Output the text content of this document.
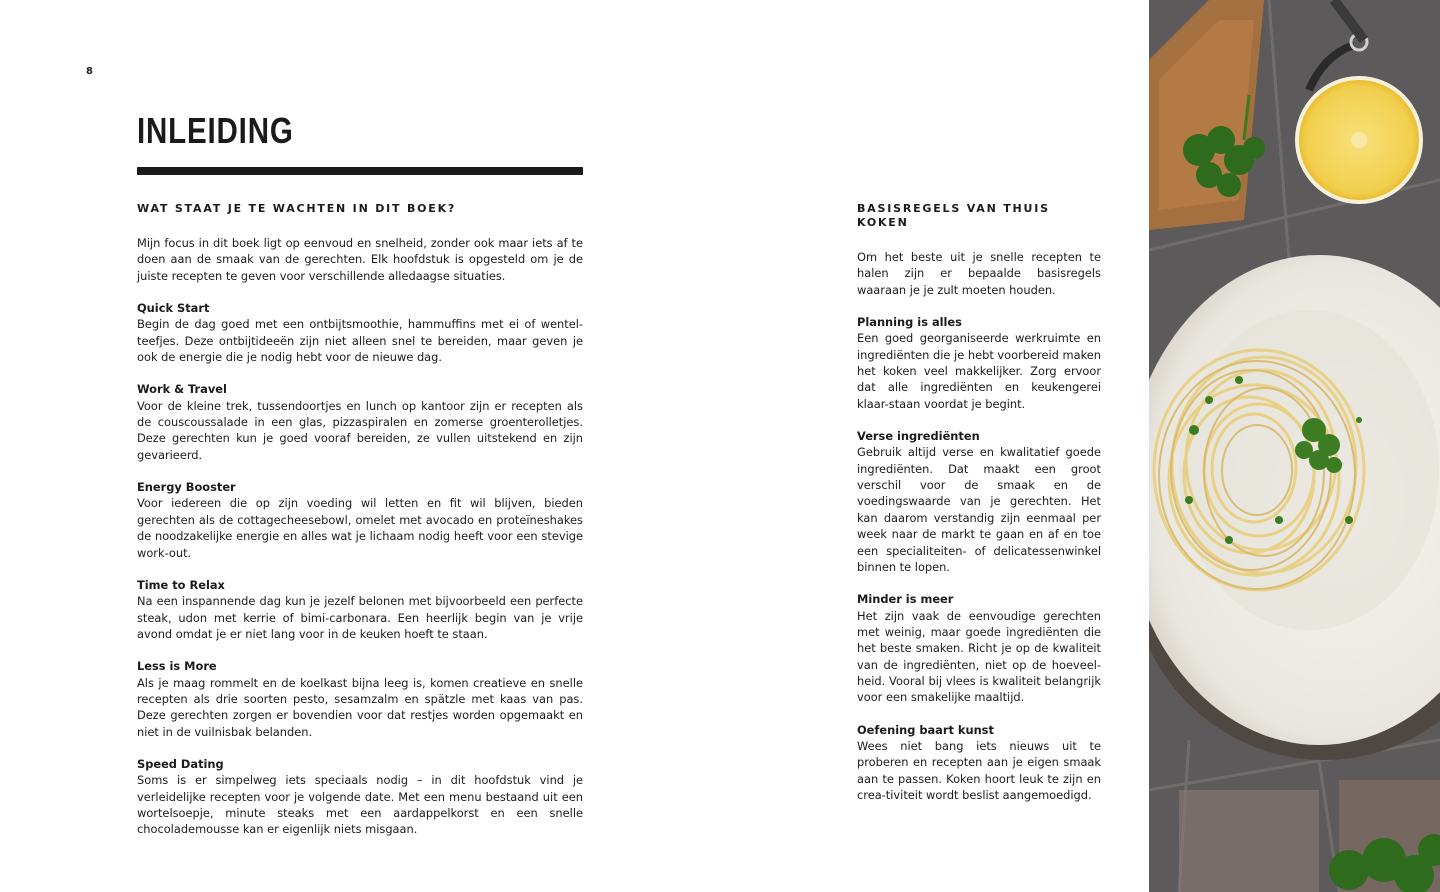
8
INLEIDING
WAT STAAT JE TE WACHTEN IN DIT BOEK?

Mijn focus in dit boek ligt op eenvoud en snelheid, zonder ook maar iets af te doen aan de smaak van de gerechten. Elk hoofdstuk is opgesteld om je de juiste recepten te geven voor verschillende alledaagse situaties.

Quick Start
Begin de dag goed met een ontbijtsmoothie, hammuffins met ei of wentel-teefjes. Deze ontbijtideeën zijn niet alleen snel te bereiden, maar geven je ook de energie die je nodig hebt voor de nieuwe dag.
Work & Travel
Voor de kleine trek, tussendoortjes en lunch op kantoor zijn er recepten als de couscoussalade in een glas, pizzaspiralen en zomerse groenterolletjes. Deze gerechten kun je goed vooraf bereiden, ze vullen uitstekend en zijn gevarieerd.
Energy Booster
Voor iedereen die op zijn voeding wil letten en fit wil blijven, bieden gerechten als de cottagecheesebowl, omelet met avocado en proteïneshakes de noodzakelijke energie en alles wat je lichaam nodig heeft voor een stevige work-out.
Time to Relax
Na een inspannende dag kun je jezelf belonen met bijvoorbeeld een perfecte steak, udon met kerrie of bimi-carbonara. Een heerlijk begin van je vrije avond omdat je er niet lang voor in de keuken hoeft te staan.
Less is More
Als je maag rommelt en de koelkast bijna leeg is, komen creatieve en snelle recepten als drie soorten pesto, sesamzalm en spätzle met kaas van pas. Deze gerechten zorgen er bovendien voor dat restjes worden opgemaakt en niet in de vuilnisbak belanden.
Speed Dating
Soms is er simpelweg iets speciaals nodig – in dit hoofdstuk vind je verleidelijke recepten voor je volgende date. Met een menu bestaand uit een wortelsoepje, minute steaks met een aardappelkorst en een snelle chocolademousse kan er eigenlijk niets misgaan.
BASISREGELS VAN THUIS KOKEN

Om het beste uit je snelle recepten te halen zijn er bepaalde basisregels waaraan je je zult moeten houden.

Planning is alles
Een goed georganiseerde werkruimte en ingrediënten die je hebt voorbereid maken het koken veel makkelijker. Zorg ervoor dat alle ingrediënten en keukengerei klaar-staan voordat je begint.
Verse ingrediënten
Gebruik altijd verse en kwalitatief goede ingrediënten. Dat maakt een groot verschil voor de smaak en de voedingswaarde van je gerechten. Het kan daarom verstandig zijn eenmaal per week naar de markt te gaan en af en toe een specialiteiten- of delicatessenwinkel binnen te lopen.
Minder is meer
Het zijn vaak de eenvoudige gerechten met weinig, maar goede ingrediënten die het beste smaken. Richt je op de kwaliteit van de ingrediënten, niet op de hoeveel-heid. Vooral bij vlees is kwaliteit belangrijk voor een smakelijke maaltijd.
Oefening baart kunst
Wees niet bang iets nieuws uit te proberen en recepten aan je eigen smaak aan te passen. Koken hoort leuk te zijn en crea-tiviteit wordt beslist aangemoedigd.
